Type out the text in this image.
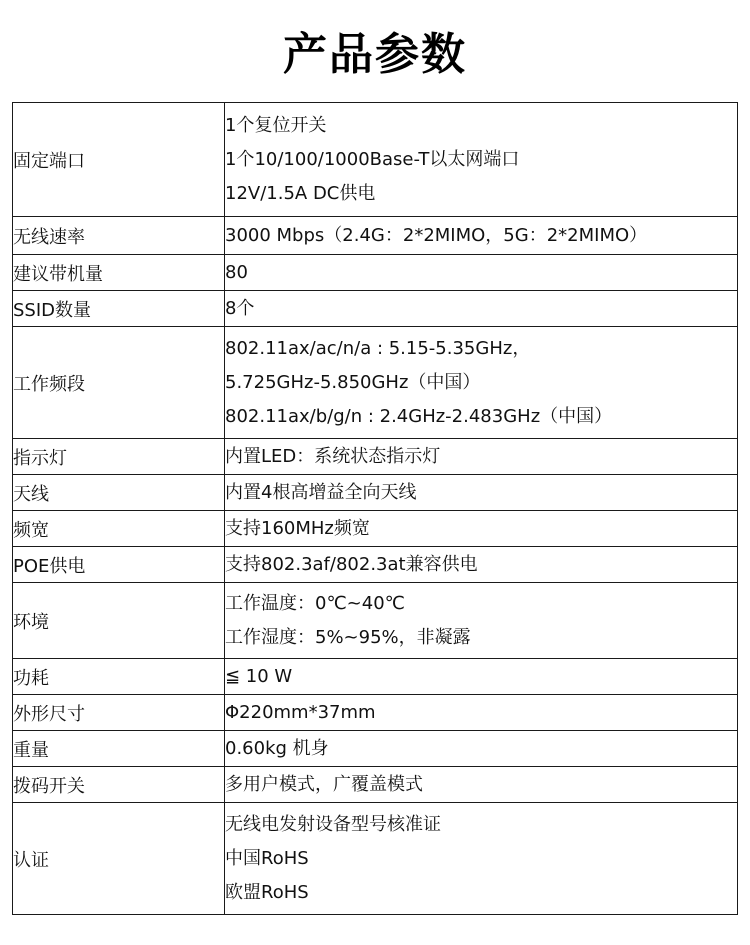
产品参数
固定端口	1个复位开关
1个10/100/1000Base-T以太网端口
12V/1.5A DC供电

无线速率	3000 Mbps（2.4G：2*2MIMO，5G：2*2MIMO）

建议带机量	80

SSID数量	8个

工作频段	802.11ax/ac/n/a : 5.15-5.35GHz，
5.725GHz-5.850GHz（中国）
802.11ax/b/g/n : 2.4GHz-2.483GHz（中国）

指示灯	内置LED：系统状态指示灯

天线	内置4根高增益全向天线

频宽	支持160MHz频宽

POE供电	支持802.3af/802.3at兼容供电

环境	工作温度：0℃~40℃
工作湿度：5%~95%，非凝露

功耗	≦ 10 W

外形尺寸	Φ220mm*37mm

重量	0.60kg 机身

拨码开关	多用户模式，广覆盖模式

认证	无线电发射设备型号核准证
中国RoHS
欧盟RoHS
